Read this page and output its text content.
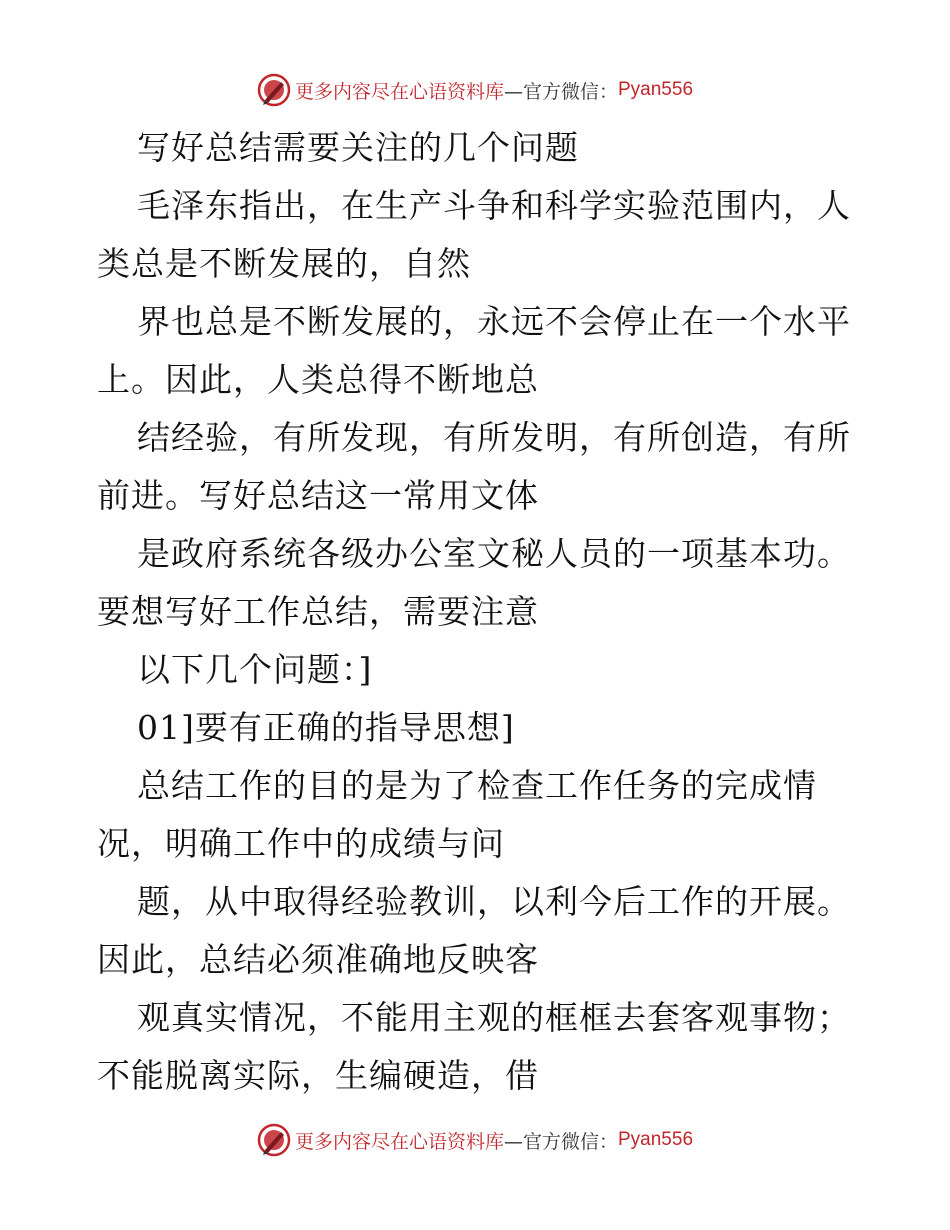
更多内容尽在心语资料库 —官方微信： Pyan556

写好总结需要关注的几个问题

毛泽东指出，在生产斗争和科学实验范围内，人

类总是不断发展的，自然

界也总是不断发展的，永远不会停止在一个水平

上。因此，人类总得不断地总

结经验，有所发现，有所发明，有所创造，有所

前进。写好总结这一常用文体

是政府系统各级办公室文秘人员的一项基本功。

要想写好工作总结，需要注意

以下几个问题：]

01]要有正确的指导思想]

总结工作的目的是为了检查工作任务的完成情

况，明确工作中的成绩与问

题，从中取得经验教训，以利今后工作的开展。

因此，总结必须准确地反映客

观真实情况，不能用主观的框框去套客观事物；

不能脱离实际，生编硬造，借

更多内容尽在心语资料库 —官方微信： Pyan556
